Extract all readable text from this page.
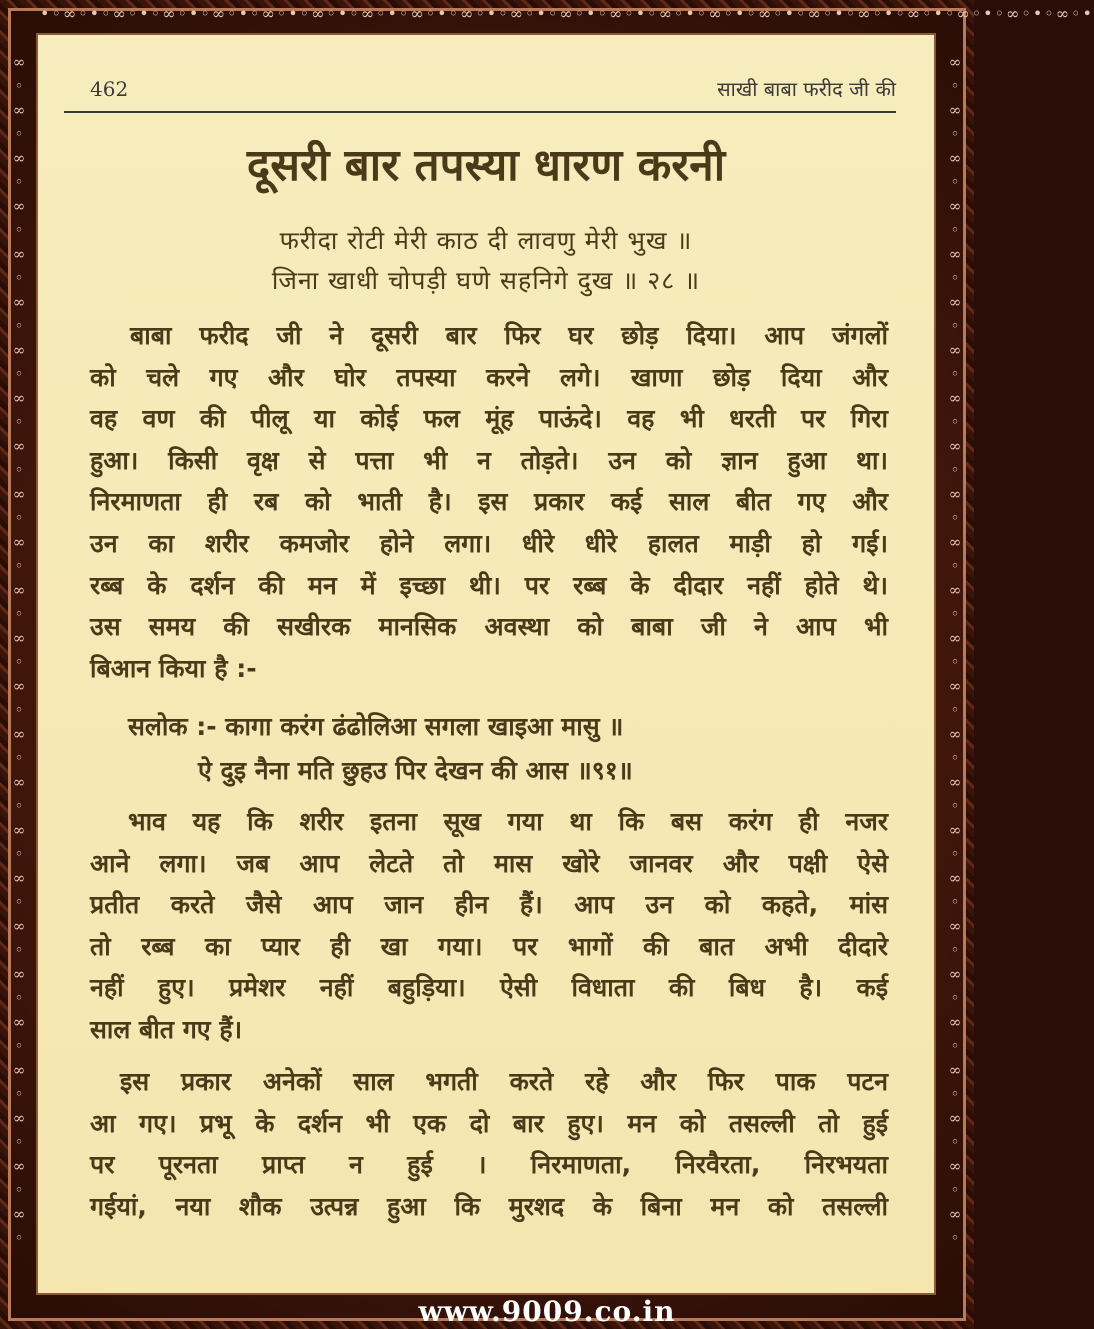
•◦∞◦•◦∞◦•◦∞◦•◦∞◦•◦∞◦•◦∞◦•◦∞◦•◦∞◦•◦∞◦•◦∞◦•◦∞◦•◦∞◦•◦∞◦•◦∞◦•◦∞◦•◦∞◦•◦∞◦•◦∞◦•◦∞◦•◦∞◦•◦∞◦•
∞
◦
∞
◦
∞
◦
∞
◦
∞
◦
∞
◦
∞
◦
∞
◦
∞
◦
∞
◦
∞
◦
∞
◦
∞
◦
∞
◦
∞
◦
∞
◦
∞
◦
∞
◦
∞
◦
∞
◦
∞
◦
∞
◦
∞
◦
∞
◦
∞
◦
∞
◦
∞
◦
∞
◦
∞
◦
∞
◦
∞
◦
∞
◦
∞
◦
∞
◦
∞
◦
∞
◦
∞
◦
∞
◦
∞
◦
∞
◦
∞
◦
∞
◦
∞
◦
∞
◦
∞
◦
∞
◦
∞
◦
∞
◦
∞
◦
∞
◦
462	साखी बाबा फरीद जी की
दूसरी बार तपस्या धारण करनी
फरीदा रोटी मेरी काठ दी लावणु मेरी भुख ॥
जिना खाधी चोपड़ी घणे सहनिगे दुख ॥ २८ ॥
बाबा फरीद जी ने दूसरी बार फिर घर छोड़ दिया। आप जंगलों
को चले गए और घोर तपस्या करने लगे। खाणा छोड़ दिया और
वह वण की पीलू या कोई फल मूंह पाऊंदे। वह भी धरती पर गिरा
हुआ। किसी वृक्ष से पत्ता भी न तोड़ते। उन को ज्ञान हुआ था।
निरमाणता ही रब को भाती है। इस प्रकार कई साल बीत गए और
उन का शरीर कमजोर होने लगा। धीरे धीरे हालत माड़ी हो गई।
रब्ब के दर्शन की मन में इच्छा थी। पर रब्ब के दीदार नहीं होते थे।
उस समय की सखीरक मानसिक अवस्था को बाबा जी ने आप भी
बिआन किया है :-
सलोक :- कागा करंग ढंढोलिआ सगला खाइआ मासु ॥
ऐ दुइ नैना मति छुहउ पिर देखन की आस ॥९१॥
भाव यह कि शरीर इतना सूख गया था कि बस करंग ही नजर
आने लगा। जब आप लेटते तो मास खोरे जानवर और पक्षी ऐसे
प्रतीत करते जैसे आप जान हीन हैं। आप उन को कहते, मांस
तो रब्ब का प्यार ही खा गया। पर भागों की बात अभी दीदारे
नहीं हुए। प्रमेशर नहीं बहुड़िया। ऐसी विधाता की बिध है। कई
साल बीत गए हैं।
इस प्रकार अनेकों साल भगती करते रहे और फिर पाक पटन
आ गए। प्रभू के दर्शन भी एक दो बार हुए। मन को तसल्ली तो हुई
पर पूरनता प्राप्त न हुई । निरमाणता, निरवैरता, निरभयता
गईयां, नया शौक उत्पन्न हुआ कि मुरशद के बिना मन को तसल्ली
www.9009.co.in
